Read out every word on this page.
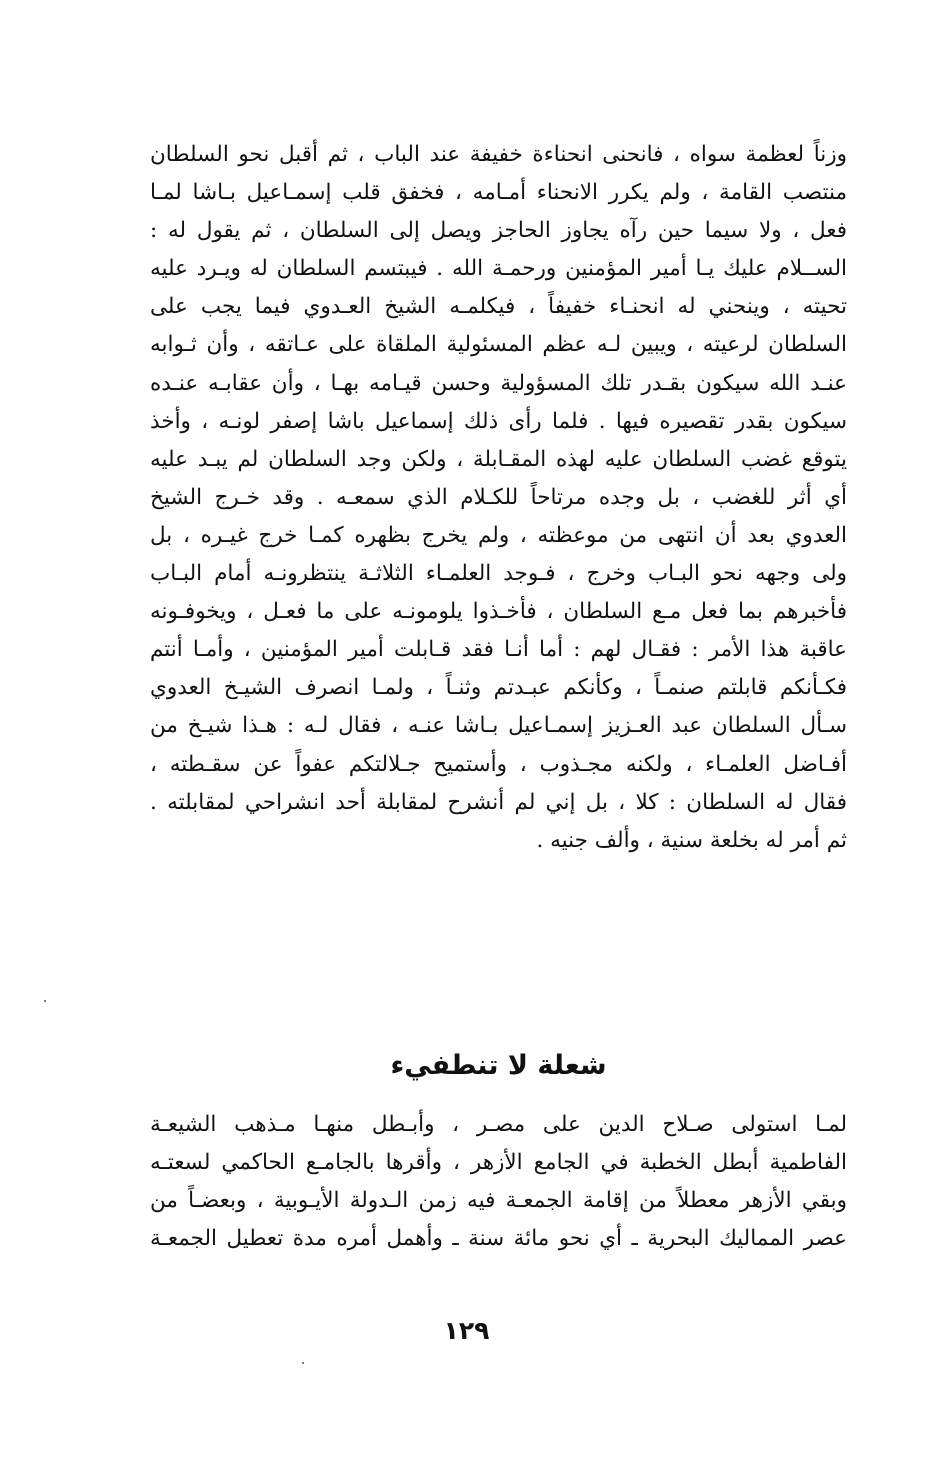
وزناً لعظمة سواه ، فانحنى انحناءة خفيفة عند الباب ، ثم أقبل نحو السلطان
منتصب القامة ، ولم يكرر الانحناء أمـامه ، فخفق قلب إسمـاعيل بـاشا لمـا
فعل ، ولا سيما حين رآه يجاوز الحاجز ويصل إلى السلطان ، ثم يقول له :
الســلام عليك يـا أمير المؤمنين ورحمـة الله . فيبتسم السلطان له ويـرد عليه
تحيته ، وينحني له انحنـاء خفيفاً ، فيكلمـه الشيخ العـدوي فيما يجب على
السلطان لرعيته ، ويبين لـه عظم المسئولية الملقاة على عـاتقه ، وأن ثـوابه
عنـد الله سيكون بقـدر تلك المسؤولية وحسن قيـامه بهـا ، وأن عقابـه عنـده
سيكون بقدر تقصيره فيها . فلما رأى ذلك إسماعيل باشا إصفر لونـه ، وأخذ
يتوقع غضب السلطان عليه لهذه المقـابلة ، ولكن وجد السلطان لم يبـد عليه
أي أثر للغضب ، بل وجده مرتاحاً للكـلام الذي سمعـه . وقد خـرج الشيخ
العدوي بعد أن انتهى من موعظته ، ولم يخرج بظهره كمـا خرج غيـره ، بل
ولى وجهه نحو البـاب وخرج ، فـوجد العلمـاء الثلاثـة ينتظرونـه أمام البـاب
فأخبرهم بما فعل مـع السلطان ، فأخـذوا يلومونـه على ما فعـل ، ويخوفـونه
عاقبة هذا الأمر : فقـال لهم : أما أنـا فقد قـابلت أمير المؤمنين ، وأمـا أنتم
فكـأنكم قابلتم صنمـاً ، وكأنكم عبـدتم وثنـاً ، ولمـا انصرف الشيـخ العدوي
سـأل السلطان عبد العـزيز إسمـاعيل بـاشا عنـه ، فقال لـه : هـذا شيـخ من
أفـاضل العلمـاء ، ولكنه مجـذوب ، وأستميح جـلالتكم عفواً عن سقـطته ،
فقال له السلطان : كلا ، بل إني لم أنشرح لمقابلة أحد انشراحي لمقابلته .
ثم أمر له بخلعة سنية ، وألف جنيه .
شعلة لا تنطفيء
لمـا استولى صـلاح الدين على مصـر ، وأبـطل منهـا مـذهب الشيعـة
الفاطمية أبطل الخطبة في الجامع الأزهر ، وأقرها بالجامـع الحاكمي لسعتـه
وبقي الأزهر معطلاً من إقامة الجمعـة فيه زمن الـدولة الأيـوبية ، وبعضـاً من
عصر المماليك البحرية ـ أي نحو مائة سنة ـ وأهمل أمره مدة تعطيل الجمعـة
١٢٩
